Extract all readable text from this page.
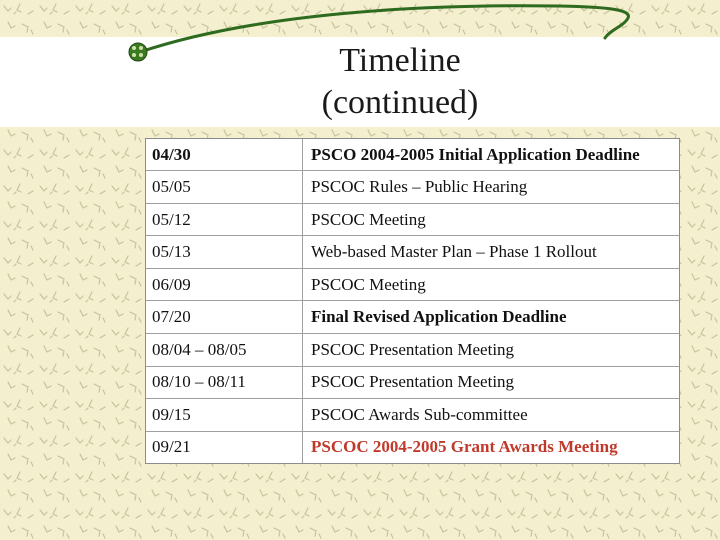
Timeline
(continued)
04/30	PSCO 2004-2005 Initial Application Deadline
05/05	PSCOC Rules – Public Hearing
05/12	PSCOC Meeting
05/13	Web-based Master Plan – Phase 1 Rollout
06/09	PSCOC Meeting
07/20	Final Revised Application Deadline
08/04 – 08/05	PSCOC Presentation Meeting
08/10 – 08/11	PSCOC Presentation Meeting
09/15	PSCOC Awards Sub-committee
09/21	PSCOC 2004-2005 Grant Awards Meeting
